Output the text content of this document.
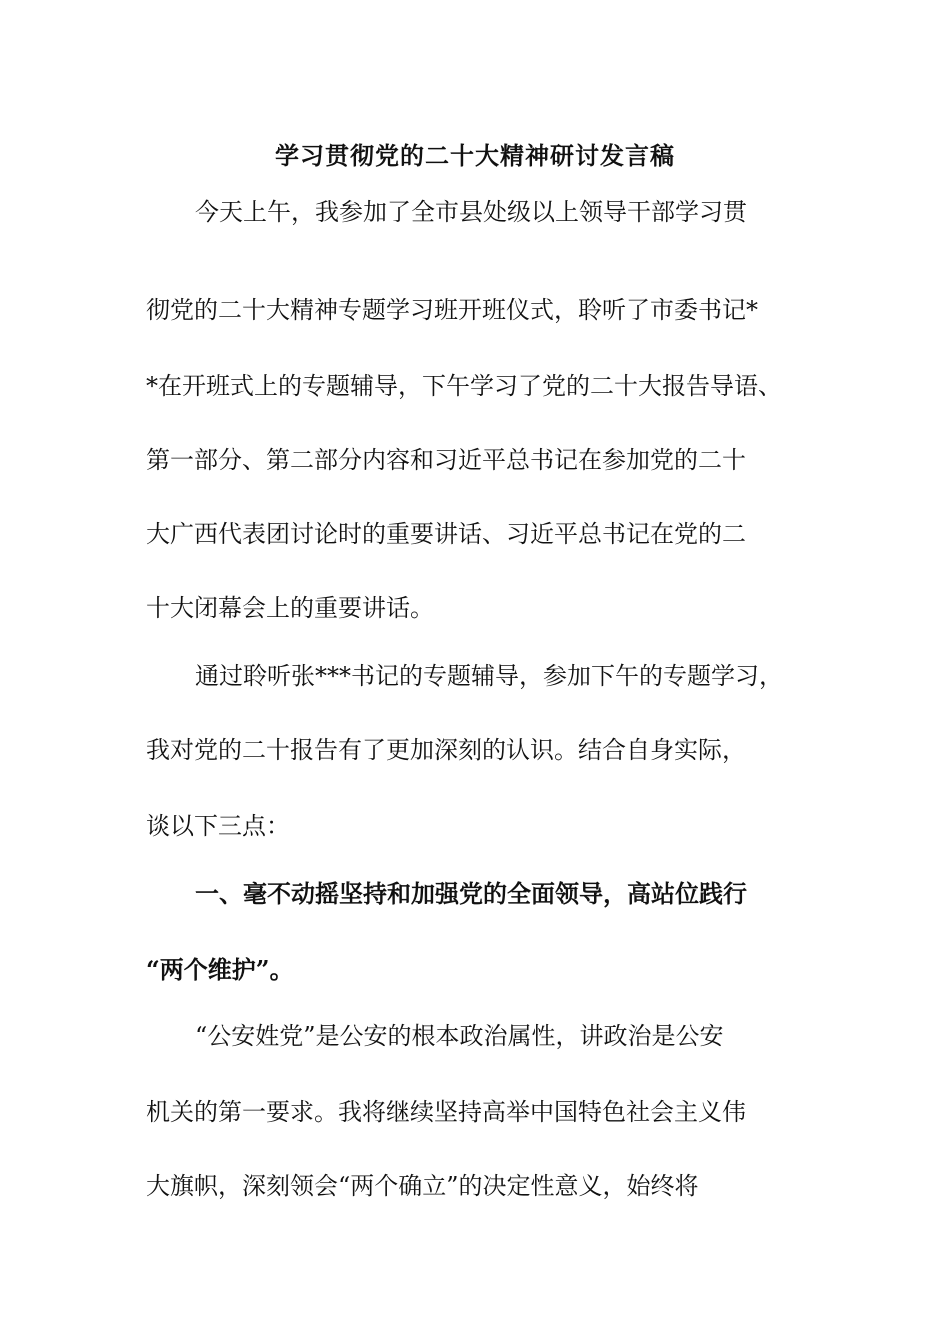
学习贯彻党的二十大精神研讨发言稿

今天上午，我参加了全市县处级以上领导干部学习贯

彻党的二十大精神专题学习班开班仪式，聆听了市委书记*

*在开班式上的专题辅导，下午学习了党的二十大报告导语、

第一部分、第二部分内容和习近平总书记在参加党的二十

大广西代表团讨论时的重要讲话、习近平总书记在党的二

十大闭幕会上的重要讲话。

通过聆听张***书记的专题辅导，参加下午的专题学习，

我对党的二十报告有了更加深刻的认识。结合自身实际，

谈以下三点：

一、毫不动摇坚持和加强党的全面领导，高站位践行

“两个维护”。

“公安姓党”是公安的根本政治属性，讲政治是公安

机关的第一要求。我将继续坚持高举中国特色社会主义伟

大旗帜，深刻领会“两个确立”的决定性意义，始终将
